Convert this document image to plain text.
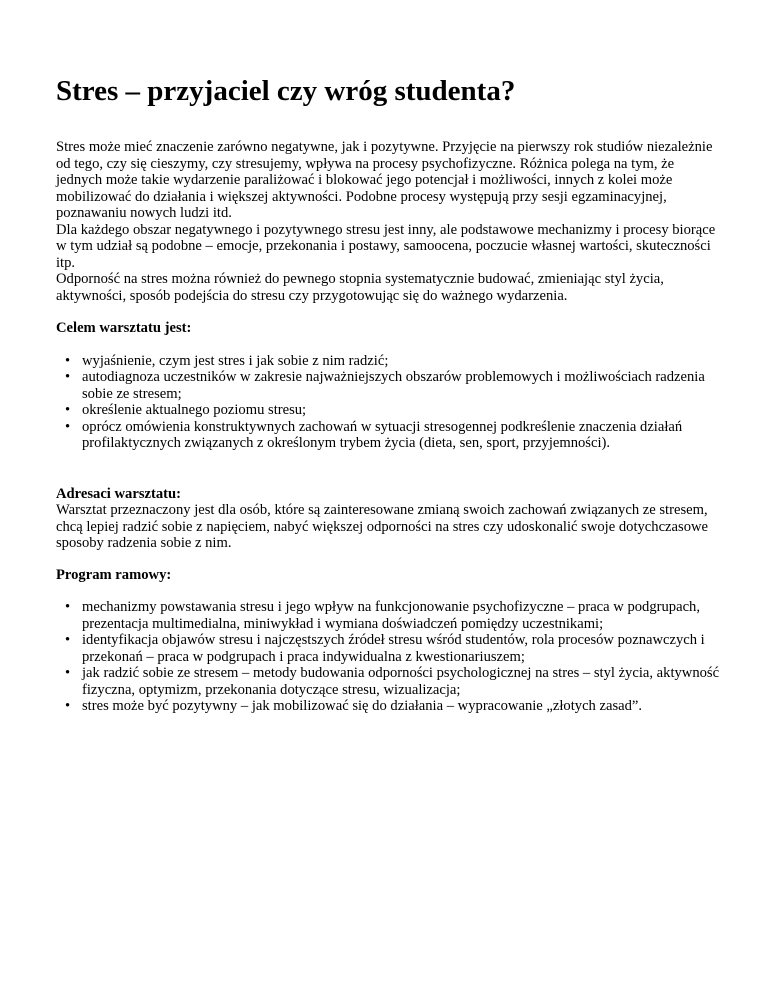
Stres – przyjaciel czy wróg studenta?

Stres może mieć znaczenie zarówno negatywne, jak i pozytywne. Przyjęcie na pierwszy rok studiów niezależnie od tego, czy się cieszymy, czy stresujemy, wpływa na procesy psychofizyczne. Różnica polega na tym, że jednych może takie wydarzenie paraliżować i blokować jego potencjał i możliwości, innych z kolei może mobilizować do działania i większej aktywności. Podobne procesy występują przy sesji egzaminacyjnej, poznawaniu nowych ludzi itd.

Dla każdego obszar negatywnego i pozytywnego stresu jest inny, ale podstawowe mechanizmy i procesy biorące w tym udział są podobne – emocje, przekonania i postawy, samoocena, poczucie własnej wartości, skuteczności itp.

Odporność na stres można również do pewnego stopnia systematycznie budować, zmieniając styl życia, aktywności, sposób podejścia do stresu czy przygotowując się do ważnego wydarzenia.

Celem warsztatu jest:

• wyjaśnienie, czym jest stres i jak sobie z nim radzić;
• autodiagnoza uczestników w zakresie najważniejszych obszarów problemowych i możliwościach radzenia sobie ze stresem;
• określenie aktualnego poziomu stresu;
• oprócz omówienia konstruktywnych zachowań w sytuacji stresogennej podkreślenie znaczenia działań profilaktycznych związanych z określonym trybem życia (dieta, sen, sport, przyjemności).

Adresaci warsztatu:

Warsztat przeznaczony jest dla osób, które są zainteresowane zmianą swoich zachowań związanych ze stresem, chcą lepiej radzić sobie z napięciem, nabyć większej odporności na stres czy udoskonalić swoje dotychczasowe sposoby radzenia sobie z nim.

Program ramowy:

• mechanizmy powstawania stresu i jego wpływ na funkcjonowanie psychofizyczne – praca w podgrupach, prezentacja multimedialna, miniwykład i wymiana doświadczeń pomiędzy uczestnikami;
• identyfikacja objawów stresu i najczęstszych źródeł stresu wśród studentów, rola procesów poznawczych i przekonań – praca w podgrupach i praca indywidualna z kwestionariuszem;
• jak radzić sobie ze stresem – metody budowania odporności psychologicznej na stres – styl życia, aktywność fizyczna, optymizm, przekonania dotyczące stresu, wizualizacja;
• stres może być pozytywny – jak mobilizować się do działania – wypracowanie „złotych zasad”.
